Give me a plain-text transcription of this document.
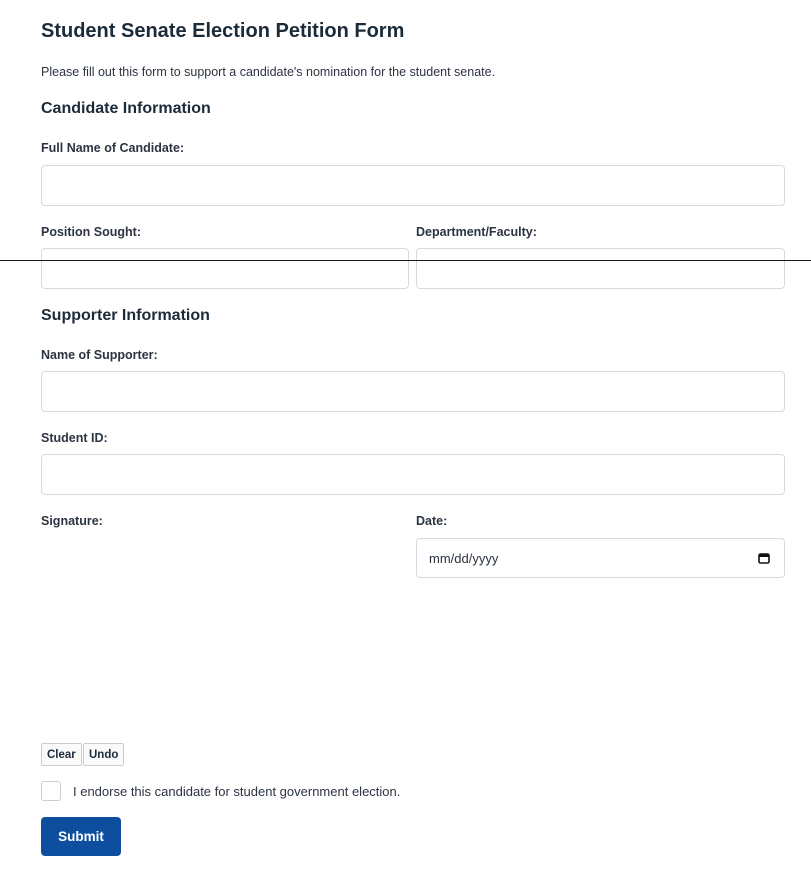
Student Senate Election Petition Form

Please fill out this form to support a candidate's nomination for the student senate.

Candidate Information
Full Name of Candidate:
Position Sought:	Department/Faculty:
Supporter Information
Name of Supporter:
Student ID:
Signature:	Date:
mm/dd/yyyy
Clear	Undo
I endorse this candidate for student government election.
Submit
